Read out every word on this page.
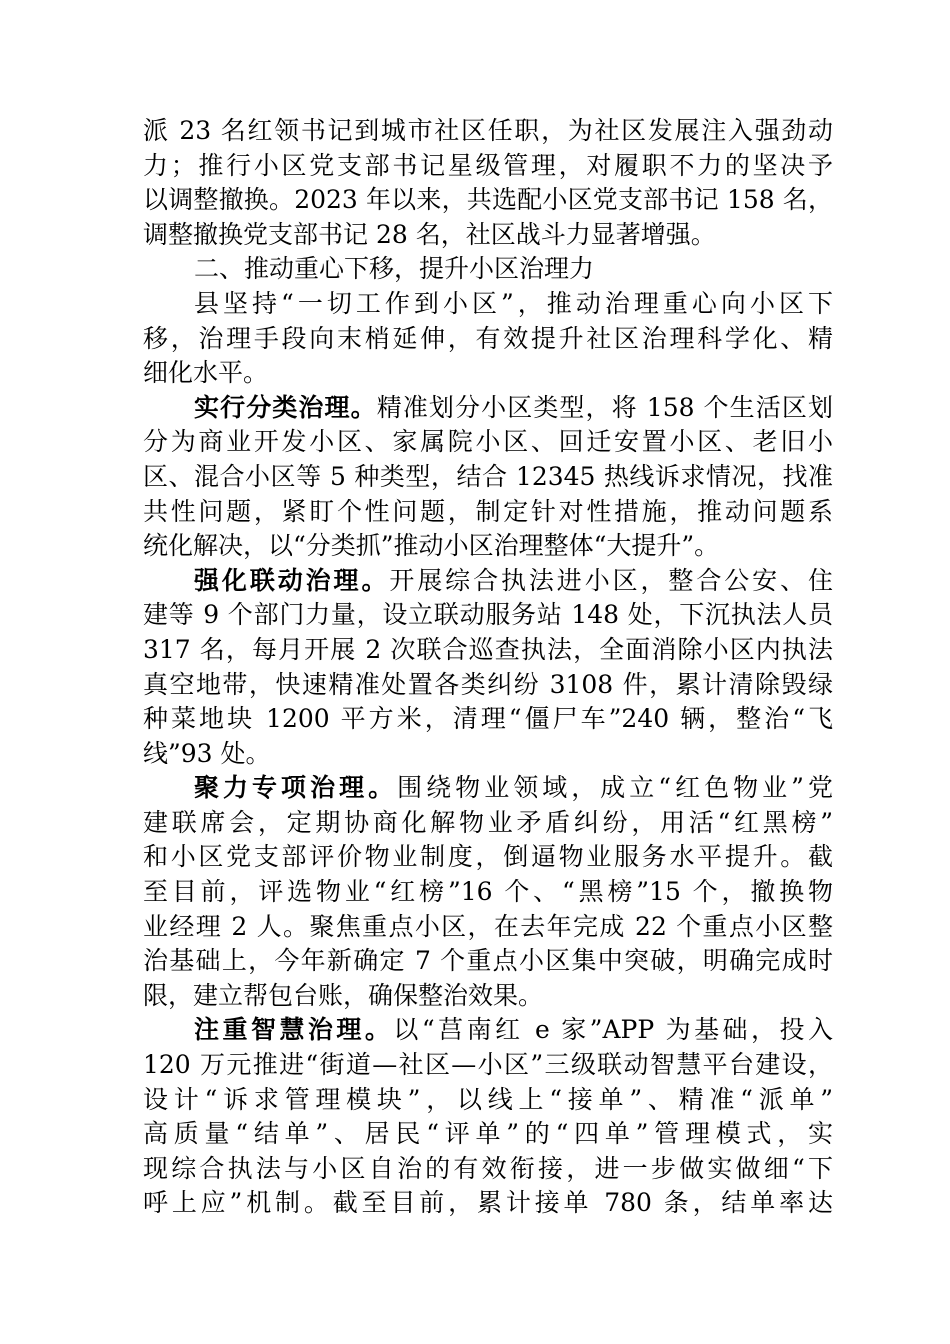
派 23 名红领书记到城市社区任职，为社区发展注入强劲动
力；推行小区党支部书记星级管理，对履职不力的坚决予
以调整撤换。2023 年以来，共选配小区党支部书记 158 名，
调整撤换党支部书记 28 名，社区战斗力显著增强。
二、推动重心下移，提升小区治理力
县坚持“一切工作到小区”，推动治理重心向小区下
移，治理手段向末梢延伸，有效提升社区治理科学化、精
细化水平。
实行分类治理。精准划分小区类型，将 158 个生活区划
分为商业开发小区、家属院小区、回迁安置小区、老旧小
区、混合小区等 5 种类型，结合 12345 热线诉求情况，找准
共性问题，紧盯个性问题，制定针对性措施，推动问题系
统化解决，以“分类抓”推动小区治理整体“大提升”。
强化联动治理。开展综合执法进小区，整合公安、住
建等 9 个部门力量，设立联动服务站 148 处，下沉执法人员
317 名，每月开展 2 次联合巡查执法，全面消除小区内执法
真空地带，快速精准处置各类纠纷 3108 件，累计清除毁绿
种菜地块 1200 平方米，清理“僵尸车”240 辆，整治“飞
线”93 处。
聚力专项治理。围绕物业领域，成立“红色物业”党
建联席会，定期协商化解物业矛盾纠纷，用活“红黑榜”
和小区党支部评价物业制度，倒逼物业服务水平提升。截
至目前，评选物业“红榜”16 个、“黑榜”15 个，撤换物
业经理 2 人。聚焦重点小区，在去年完成 22 个重点小区整
治基础上，今年新确定 7 个重点小区集中突破，明确完成时
限，建立帮包台账，确保整治效果。
注重智慧治理。以“莒南红 e 家”APP 为基础，投入
120 万元推进“街道—社区—小区”三级联动智慧平台建设，
设计“诉求管理模块”，以线上“接单”、精准“派单”
高质量“结单”、居民“评单”的“四单”管理模式，实
现综合执法与小区自治的有效衔接，进一步做实做细“下
呼上应”机制。截至目前，累计接单 780 条，结单率达
